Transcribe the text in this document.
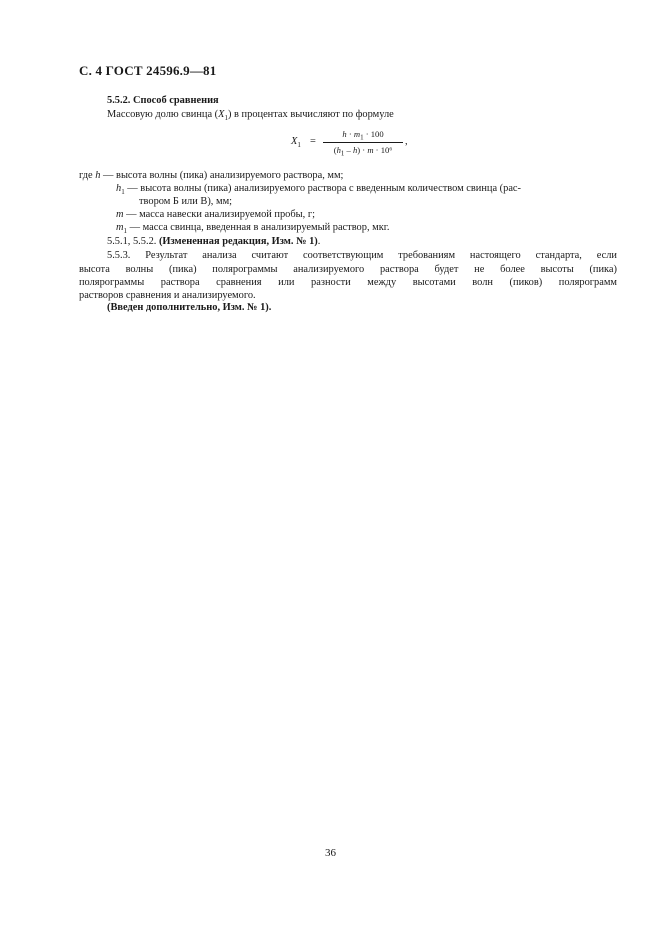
С. 4 ГОСТ 24596.9—81
5.5.2. Способ сравнения
Массовую долю свинца $(X_1)$ в процентах вычисляют по формуле
$X_1$ =
$h \cdot m_1 \cdot 100$
$(h_1 - h) \cdot m \cdot 10^6$
,
где h — высота волны (пика) анализируемого раствора, мм;
$h_1$ — высота волны (пика) анализируемого раствора с введенным количеством свинца (рас-
твором Б или В), мм;
m — масса навески анализируемой пробы, г;
$m_1$ — масса свинца, введенная в анализируемый раствор, мкг.
5.5.1, 5.5.2. (Измененная редакция, Изм. № 1).
5.5.3. Результат анализа считают соответствующим требованиям настоящего стандарта, если
высота волны (пика) полярограммы анализируемого раствора будет не более высоты (пика)
полярограммы раствора сравнения или разности между высотами волн (пиков) полярограмм
растворов сравнения и анализируемого.
(Введен дополнительно, Изм. № 1).
36
